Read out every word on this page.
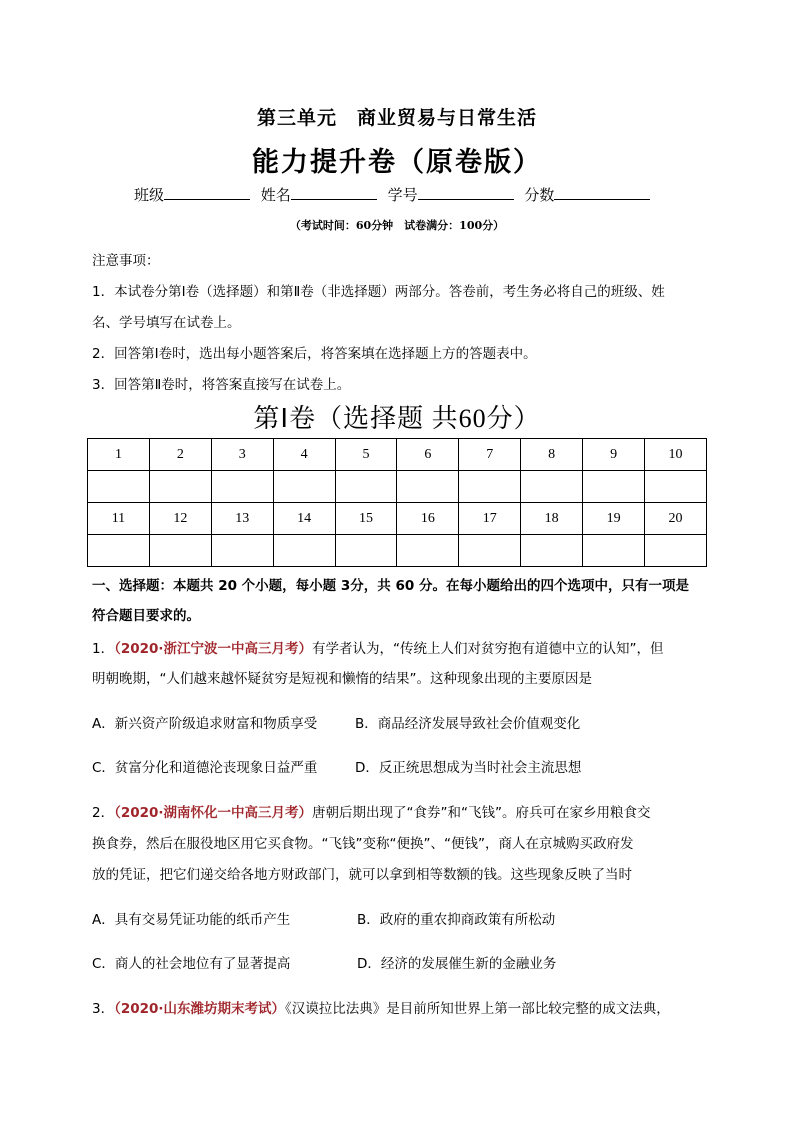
第三单元　商业贸易与日常生活
能力提升卷（原卷版）
班级	姓名	学号	分数
（考试时间：60分钟　试卷满分：100分）
注意事项：
1．本试卷分第Ⅰ卷（选择题）和第Ⅱ卷（非选择题）两部分。答卷前，考生务必将自己的班级、姓
名、学号填写在试卷上。
2．回答第Ⅰ卷时，选出每小题答案后，将答案填在选择题上方的答题表中。
3．回答第Ⅱ卷时，将答案直接写在试卷上。
第Ⅰ卷（选择题 共60分）
1	2	3	4	5	6	7	8	9	10

11	12	13	14	15	16	17	18	19	20

一、选择题：本题共 20 个小题，每小题 3分，共 60 分。在每小题给出的四个选项中，只有一项是
符合题目要求的。
1．（2020·浙江宁波一中高三月考）有学者认为，“传统上人们对贫穷抱有道德中立的认知”，但
明朝晚期，“人们越来越怀疑贫穷是短视和懒惰的结果”。这种现象出现的主要原因是
A．新兴资产阶级追求财富和物质享受	B．商品经济发展导致社会价值观变化
C．贫富分化和道德沦丧现象日益严重	D．反正统思想成为当时社会主流思想
2．（2020·湖南怀化一中高三月考）唐朝后期出现了“食券”和“飞钱”。府兵可在家乡用粮食交
换食券，然后在服役地区用它买食物。“飞钱”变称“便换”、“便钱”，商人在京城购买政府发
放的凭证，把它们递交给各地方财政部门，就可以拿到相等数额的钱。这些现象反映了当时
A．具有交易凭证功能的纸币产生	B．政府的重农抑商政策有所松动
C．商人的社会地位有了显著提高	D．经济的发展催生新的金融业务
3．（2020·山东潍坊期末考试）《汉谟拉比法典》是目前所知世界上第一部比较完整的成文法典，
